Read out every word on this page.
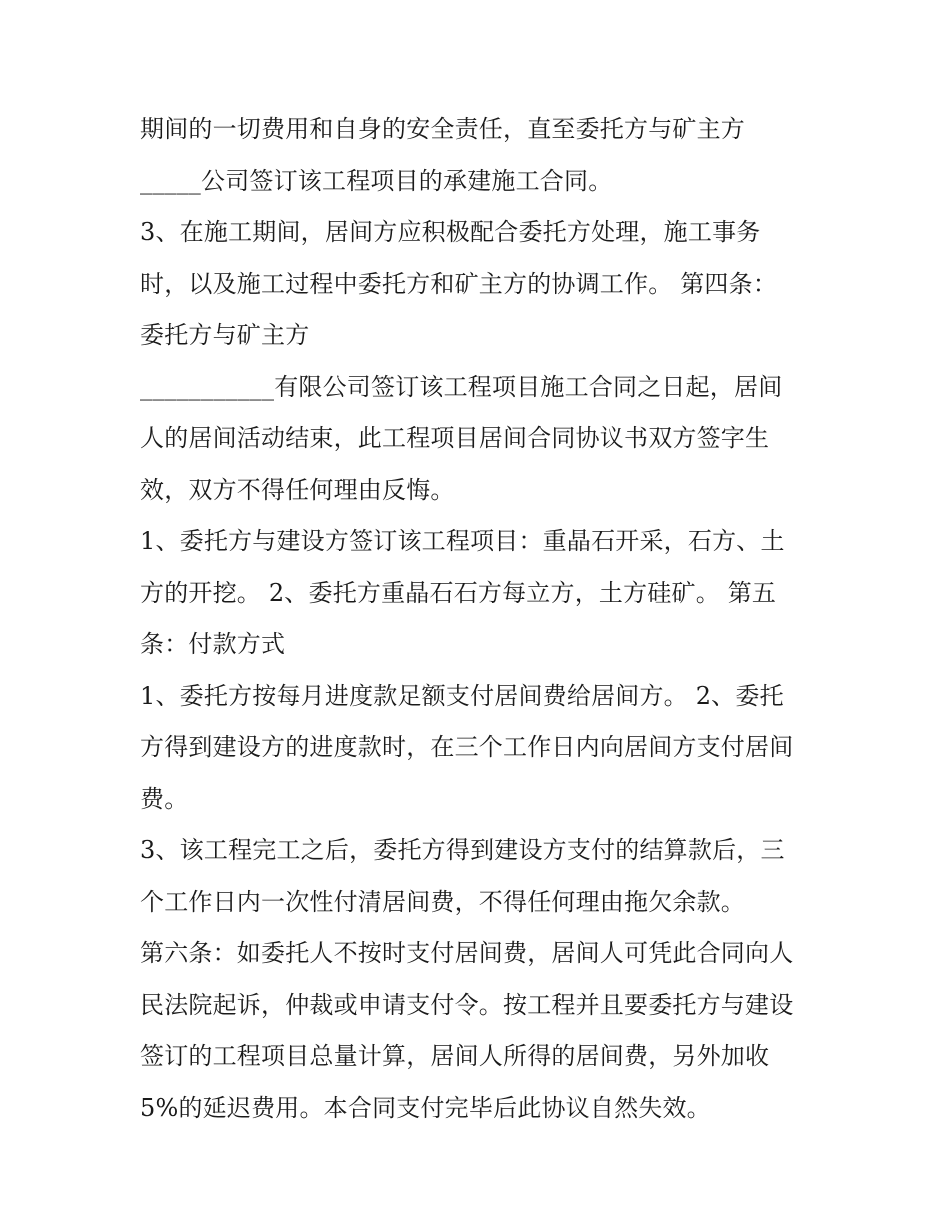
期间的一切费用和自身的安全责任，直至委托方与矿主方
_____公司签订该工程项目的承建施工合同。
3、在施工期间，居间方应积极配合委托方处理，施工事务
时，以及施工过程中委托方和矿主方的协调工作。 第四条：
委托方与矿主方
___________有限公司签订该工程项目施工合同之日起，居间
人的居间活动结束，此工程项目居间合同协议书双方签字生
效，双方不得任何理由反悔。
1、委托方与建设方签订该工程项目：重晶石开采，石方、土
方的开挖。 2、委托方重晶石石方每立方，土方硅矿。 第五
条：付款方式
1、委托方按每月进度款足额支付居间费给居间方。 2、委托
方得到建设方的进度款时，在三个工作日内向居间方支付居间
费。
3、该工程完工之后，委托方得到建设方支付的结算款后，三
个工作日内一次性付清居间费，不得任何理由拖欠余款。
第六条：如委托人不按时支付居间费，居间人可凭此合同向人
民法院起诉，仲裁或申请支付令。按工程并且要委托方与建设
签订的工程项目总量计算，居间人所得的居间费，另外加收
5%的延迟费用。本合同支付完毕后此协议自然失效。
